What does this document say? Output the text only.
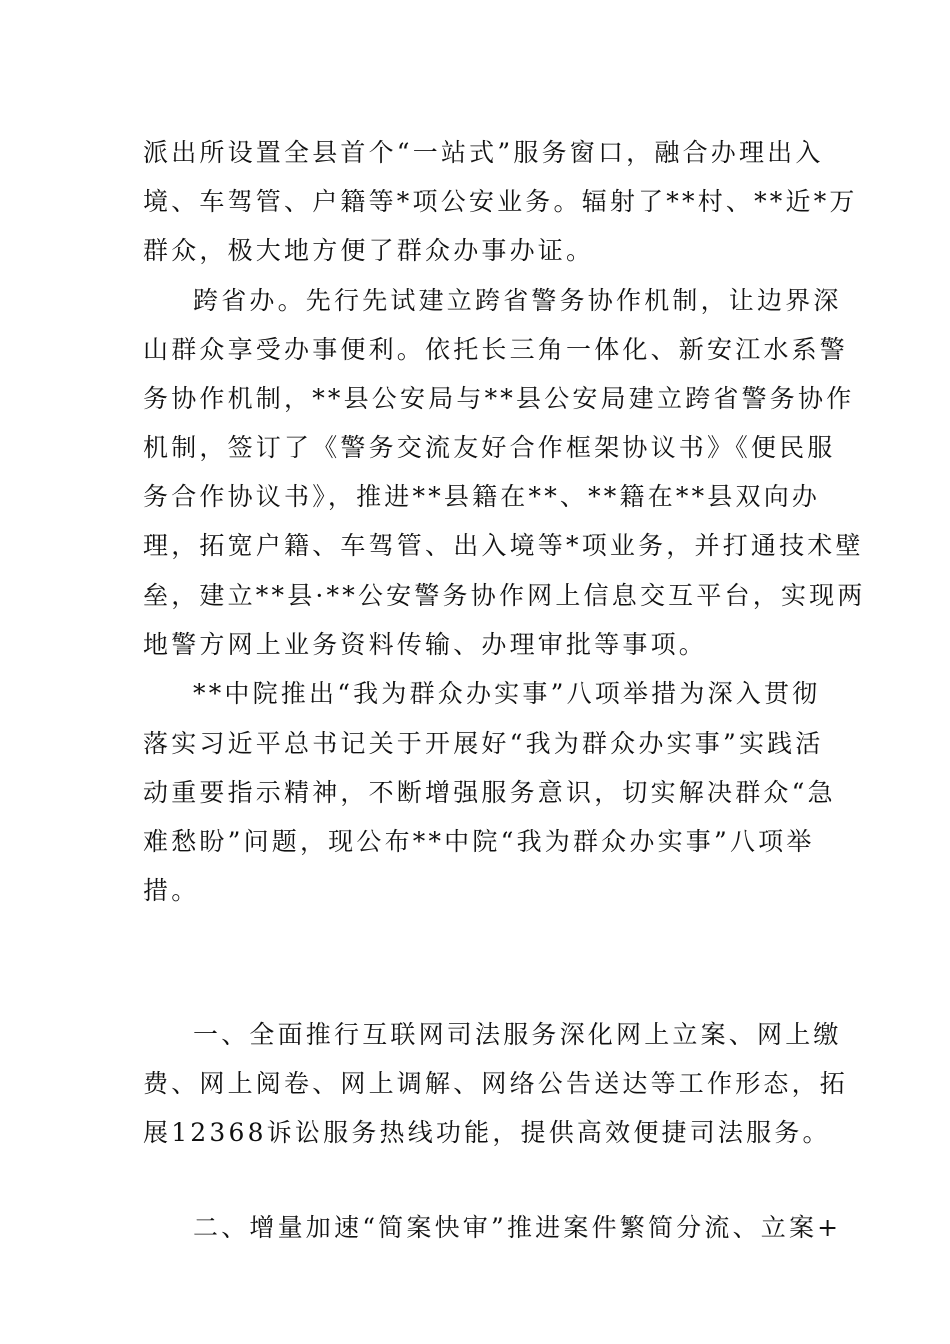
派出所设置全县首个“一站式”服务窗口，融合办理出入
境、车驾管、户籍等*项公安业务。辐射了**村、**近*万
群众，极大地方便了群众办事办证。
跨省办。先行先试建立跨省警务协作机制，让边界深
山群众享受办事便利。依托长三角一体化、新安江水系警
务协作机制，**县公安局与**县公安局建立跨省警务协作
机制，签订了《警务交流友好合作框架协议书》《便民服
务合作协议书》，推进**县籍在**、**籍在**县双向办
理，拓宽户籍、车驾管、出入境等*项业务，并打通技术壁
垒，建立**县·**公安警务协作网上信息交互平台，实现两
地警方网上业务资料传输、办理审批等事项。
**中院推出“我为群众办实事”八项举措为深入贯彻
落实习近平总书记关于开展好“我为群众办实事”实践活
动重要指示精神，不断增强服务意识，切实解决群众“急
难愁盼”问题，现公布**中院“我为群众办实事”八项举
措。
一、全面推行互联网司法服务深化网上立案、网上缴
费、网上阅卷、网上调解、网络公告送达等工作形态，拓
展12368诉讼服务热线功能，提供高效便捷司法服务。
二、增量加速“简案快审”推进案件繁简分流、立案+
